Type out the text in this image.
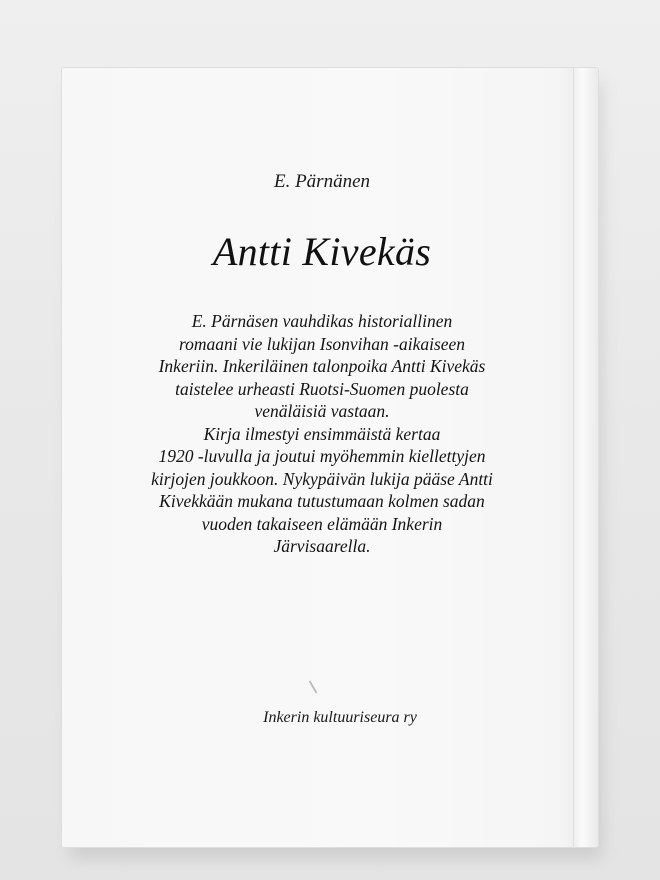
E. Pärnänen
Antti Kivekäs
E. Pärnäsen vauhdikas historiallinen
romaani vie lukijan Isonvihan -aikaiseen
Inkeriin. Inkeriläinen talonpoika Antti Kivekäs
taistelee urheasti Ruotsi-Suomen puolesta
venäläisiä vastaan.
Kirja ilmestyi ensimmäistä kertaa
1920 -luvulla ja joutui myöhemmin kiellettyjen
kirjojen joukkoon. Nykypäivän lukija pääse Antti
Kivekkään mukana tutustumaan kolmen sadan
vuoden takaiseen elämään Inkerin
Järvisaarella.
Inkerin kultuuriseura ry
